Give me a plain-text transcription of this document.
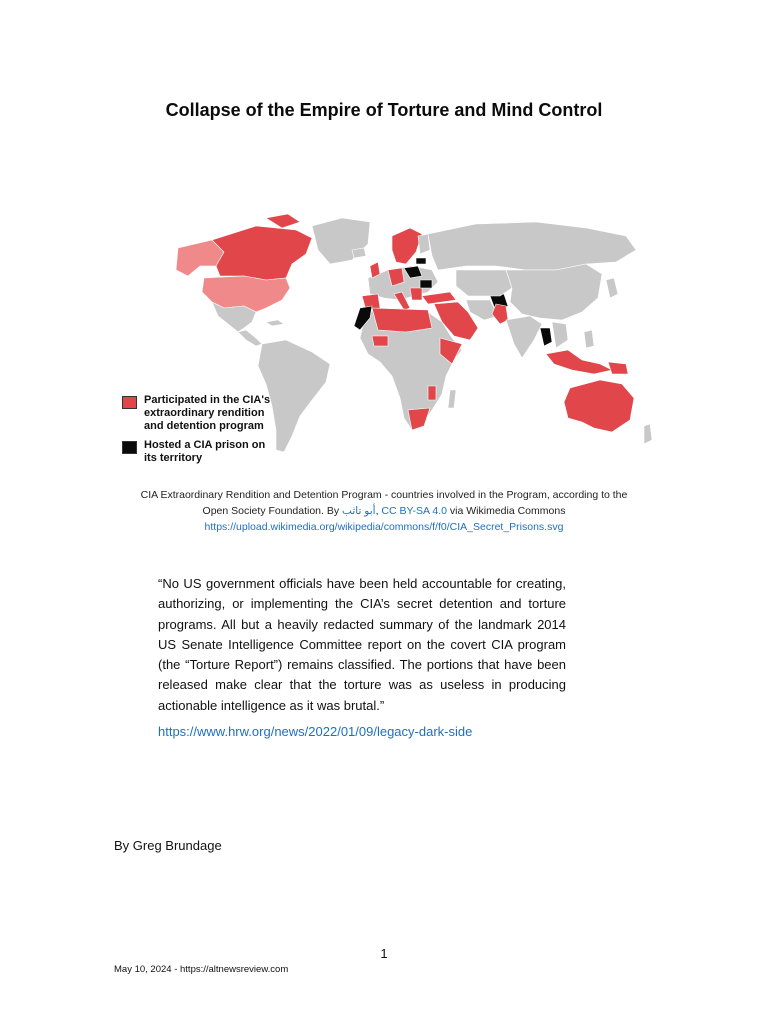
Collapse of the Empire of Torture and Mind Control
Participated in the CIA's extraordinary rendition and detention program
Hosted a CIA prison on its territory
CIA Extraordinary Rendition and Detention Program - countries involved in the Program, according to the
Open Society Foundation. By أبو تاثب, CC BY-SA 4.0 via Wikimedia Commons
https://upload.wikimedia.org/wikipedia/commons/f/f0/CIA_Secret_Prisons.svg
“No US government officials have been held accountable for creating, authorizing, or implementing the CIA’s secret detention and torture programs. All but a heavily redacted summary of the landmark 2014 US Senate Intelligence Committee report on the covert CIA program (the “Torture Report”) remains classified. The portions that have been released make clear that the torture was as useless in producing actionable intelligence as it was brutal.”
https://www.hrw.org/news/2022/01/09/legacy-dark-side
By Greg Brundage
1
May 10, 2024 - https://altnewsreview.com
